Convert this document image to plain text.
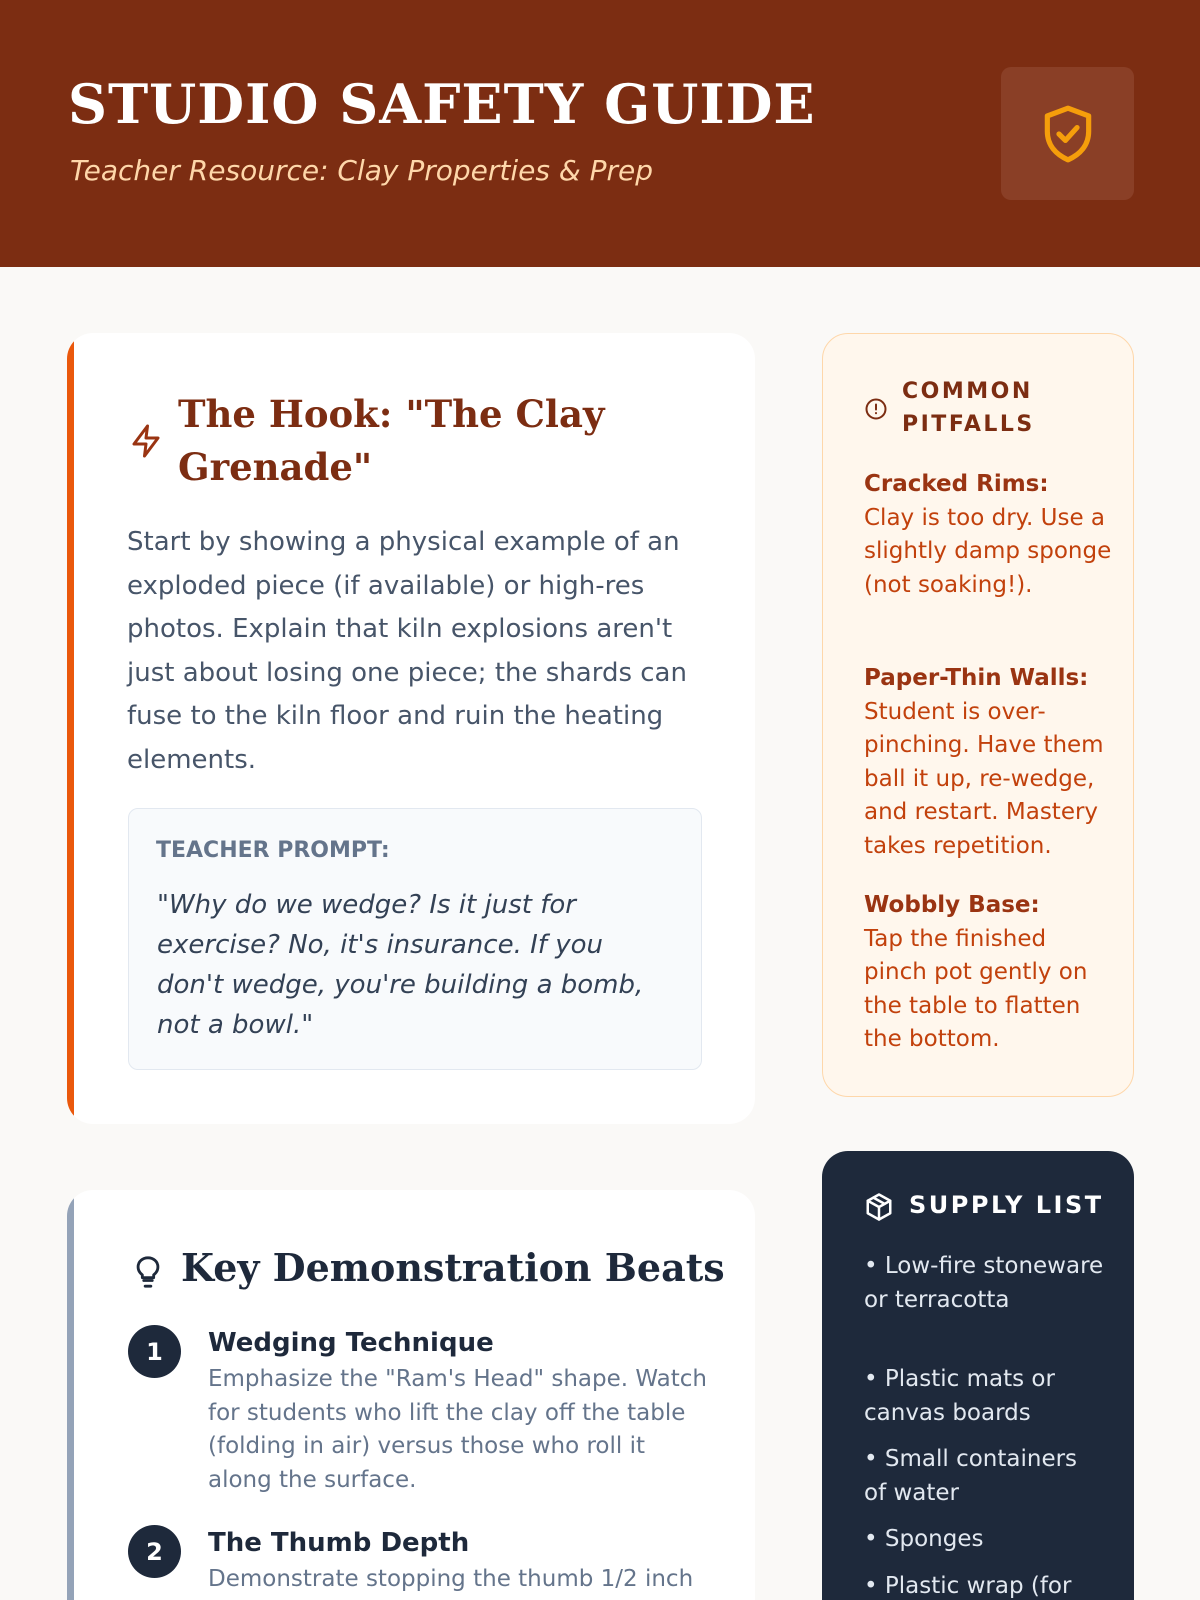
STUDIO SAFETY GUIDE
Teacher Resource: Clay Properties & Prep
The Hook: "The Clay Grenade"
Start by showing a physical example of an exploded piece (if available) or high-res photos. Explain that kiln explosions aren't just about losing one piece; the shards can fuse to the kiln floor and ruin the heating elements.
TEACHER PROMPT:
"Why do we wedge? Is it just for exercise? No, it's insurance. If you don't wedge, you're building a bomb, not a bowl."
Key Demonstration Beats
1	Wedging Technique
Emphasize the "Ram's Head" shape. Watch for students who lift the clay off the table (folding in air) versus those who roll it along the surface.
2	The Thumb Depth
Demonstrate stopping the thumb 1/2 inch
COMMON PITFALLS
Cracked Rims:
Clay is too dry. Use a slightly damp sponge (not soaking!).
Paper-Thin Walls:
Student is over-pinching. Have them ball it up, re-wedge, and restart. Mastery takes repetition.
Wobbly Base:
Tap the finished pinch pot gently on the table to flatten the bottom.
SUPPLY LIST
• Low-fire stoneware or terracotta
• Plastic mats or canvas boards
• Small containers of water
• Sponges
• Plastic wrap (for
